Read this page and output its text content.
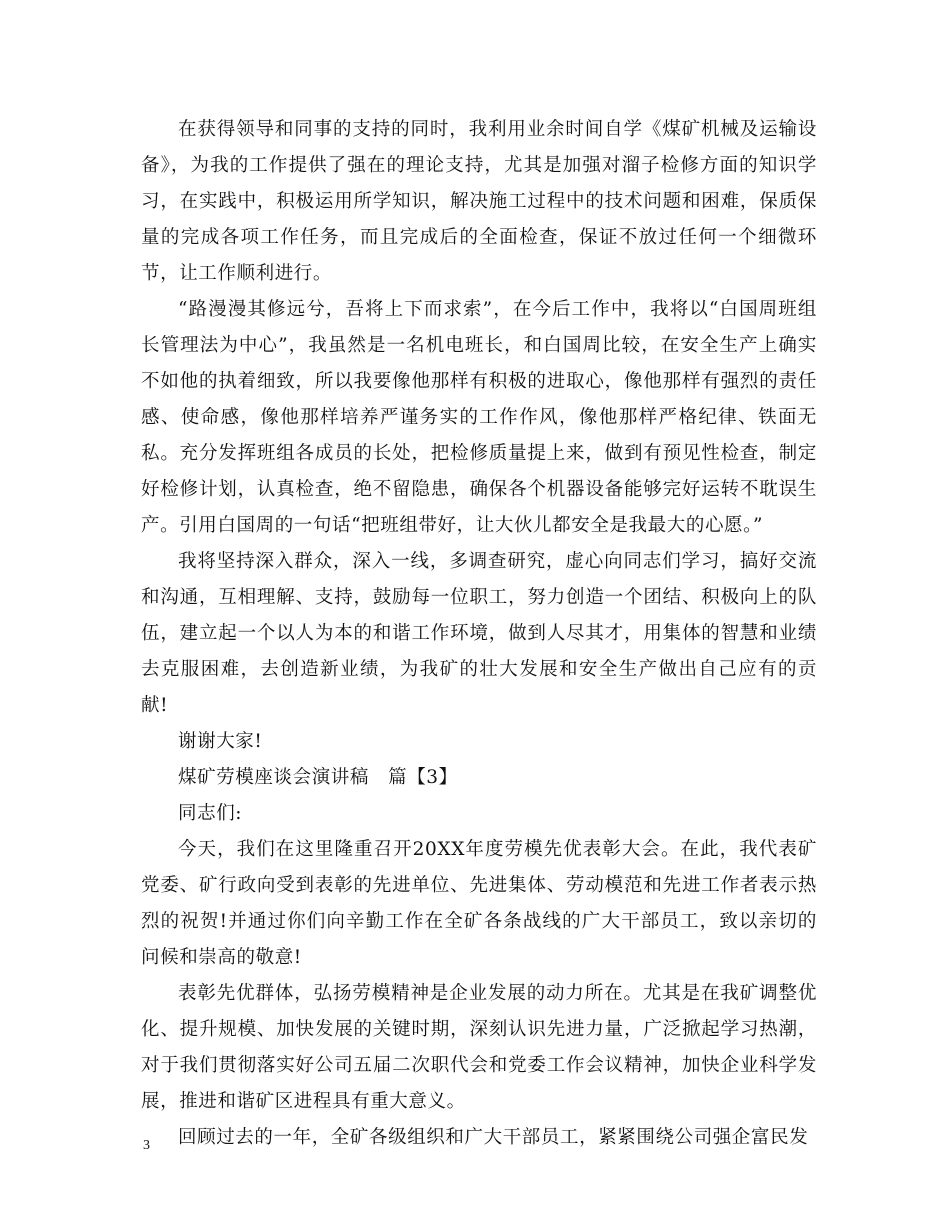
在获得领导和同事的支持的同时，我利用业余时间自学《煤矿机械及运输设备》，为我的工作提供了强在的理论支持，尤其是加强对溜子检修方面的知识学习，在实践中，积极运用所学知识，解决施工过程中的技术问题和困难，保质保量的完成各项工作任务，而且完成后的全面检查，保证不放过任何一个细微环节，让工作顺利进行。

“路漫漫其修远兮，吾将上下而求索”，在今后工作中，我将以“白国周班组长管理法为中心”，我虽然是一名机电班长，和白国周比较，在安全生产上确实不如他的执着细致，所以我要像他那样有积极的进取心，像他那样有强烈的责任感、使命感，像他那样培养严谨务实的工作作风，像他那样严格纪律、铁面无私。充分发挥班组各成员的长处，把检修质量提上来，做到有预见性检查，制定好检修计划，认真检查，绝不留隐患，确保各个机器设备能够完好运转不耽误生产。引用白国周的一句话“把班组带好，让大伙儿都安全是我最大的心愿。”

我将坚持深入群众，深入一线，多调查研究，虚心向同志们学习，搞好交流和沟通，互相理解、支持，鼓励每一位职工，努力创造一个团结、积极向上的队伍，建立起一个以人为本的和谐工作环境，做到人尽其才，用集体的智慧和业绩去克服困难，去创造新业绩，为我矿的壮大发展和安全生产做出自己应有的贡献!

谢谢大家!

煤矿劳模座谈会演讲稿　篇【3】

同志们:

今天，我们在这里隆重召开20XX年度劳模先优表彰大会。在此，我代表矿党委、矿行政向受到表彰的先进单位、先进集体、劳动模范和先进工作者表示热烈的祝贺!并通过你们向辛勤工作在全矿各条战线的广大干部员工，致以亲切的问候和崇高的敬意!

表彰先优群体，弘扬劳模精神是企业发展的动力所在。尤其是在我矿调整优化、提升规模、加快发展的关键时期，深刻认识先进力量，广泛掀起学习热潮，对于我们贯彻落实好公司五届二次职代会和党委工作会议精神，加快企业科学发展，推进和谐矿区进程具有重大意义。

回顾过去的一年，全矿各级组织和广大干部员工，紧紧围绕公司强企富民发

3
